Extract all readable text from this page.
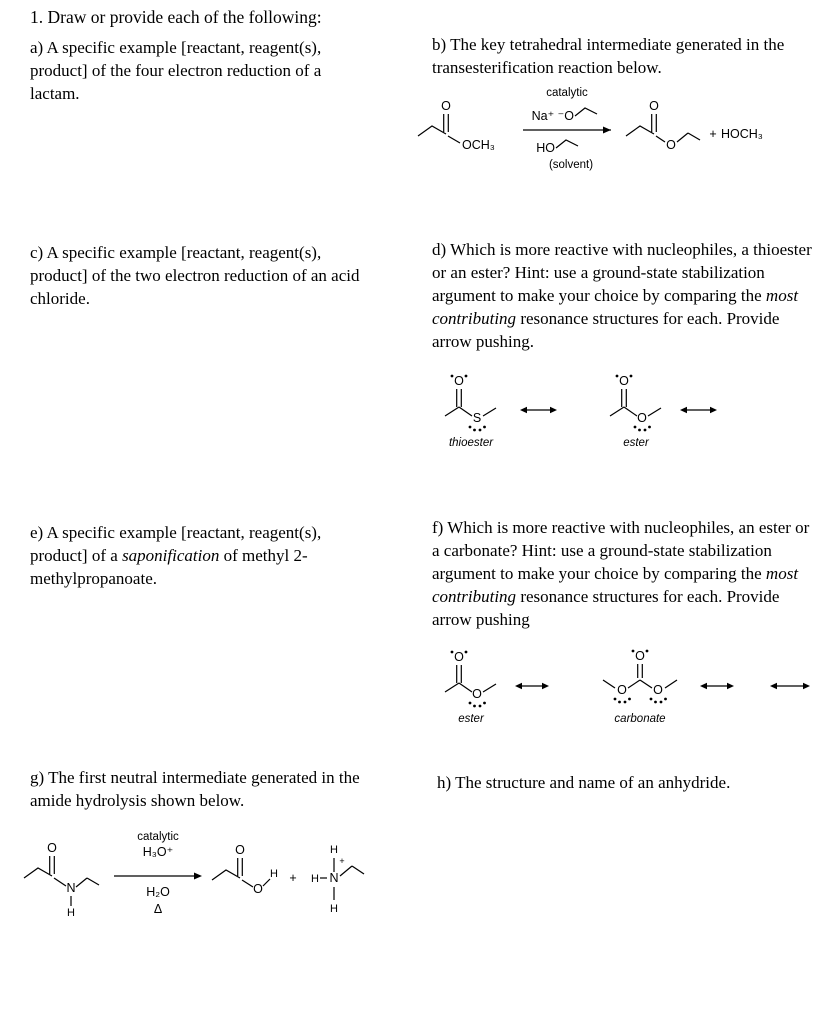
1. Draw or provide each of the following:

a) A specific example [reactant, reagent(s), product] of the four electron reduction of a lactam.

b) The key tetrahedral intermediate generated in the transesterification reaction below.

O
OCH₃
catalytic
Na⁺ ⁻O
HO
(solvent)
O
O
+ HOCH₃

c) A specific example [reactant, reagent(s), product] of the two electron reduction of an acid chloride.

d) Which is more reactive with nucleophiles, a thioester or an ester? Hint: use a ground-state stabilization argument to make your choice by comparing the most contributing resonance structures for each. Provide arrow pushing.

O
S
thioester
O
O
ester

e) A specific example [reactant, reagent(s), product] of a saponification of methyl 2-methylpropanoate.

f) Which is more reactive with nucleophiles, an ester or a carbonate? Hint: use a ground-state stabilization argument to make your choice by comparing the most contributing resonance structures for each. Provide arrow pushing

O
O
ester
O
O O
carbonate

g) The first neutral intermediate generated in the amide hydrolysis shown below.

O
N
H
catalytic
H₃O⁺
H₂O
Δ
O
O
H +
H
+
H N
H

h) The structure and name of an anhydride.
